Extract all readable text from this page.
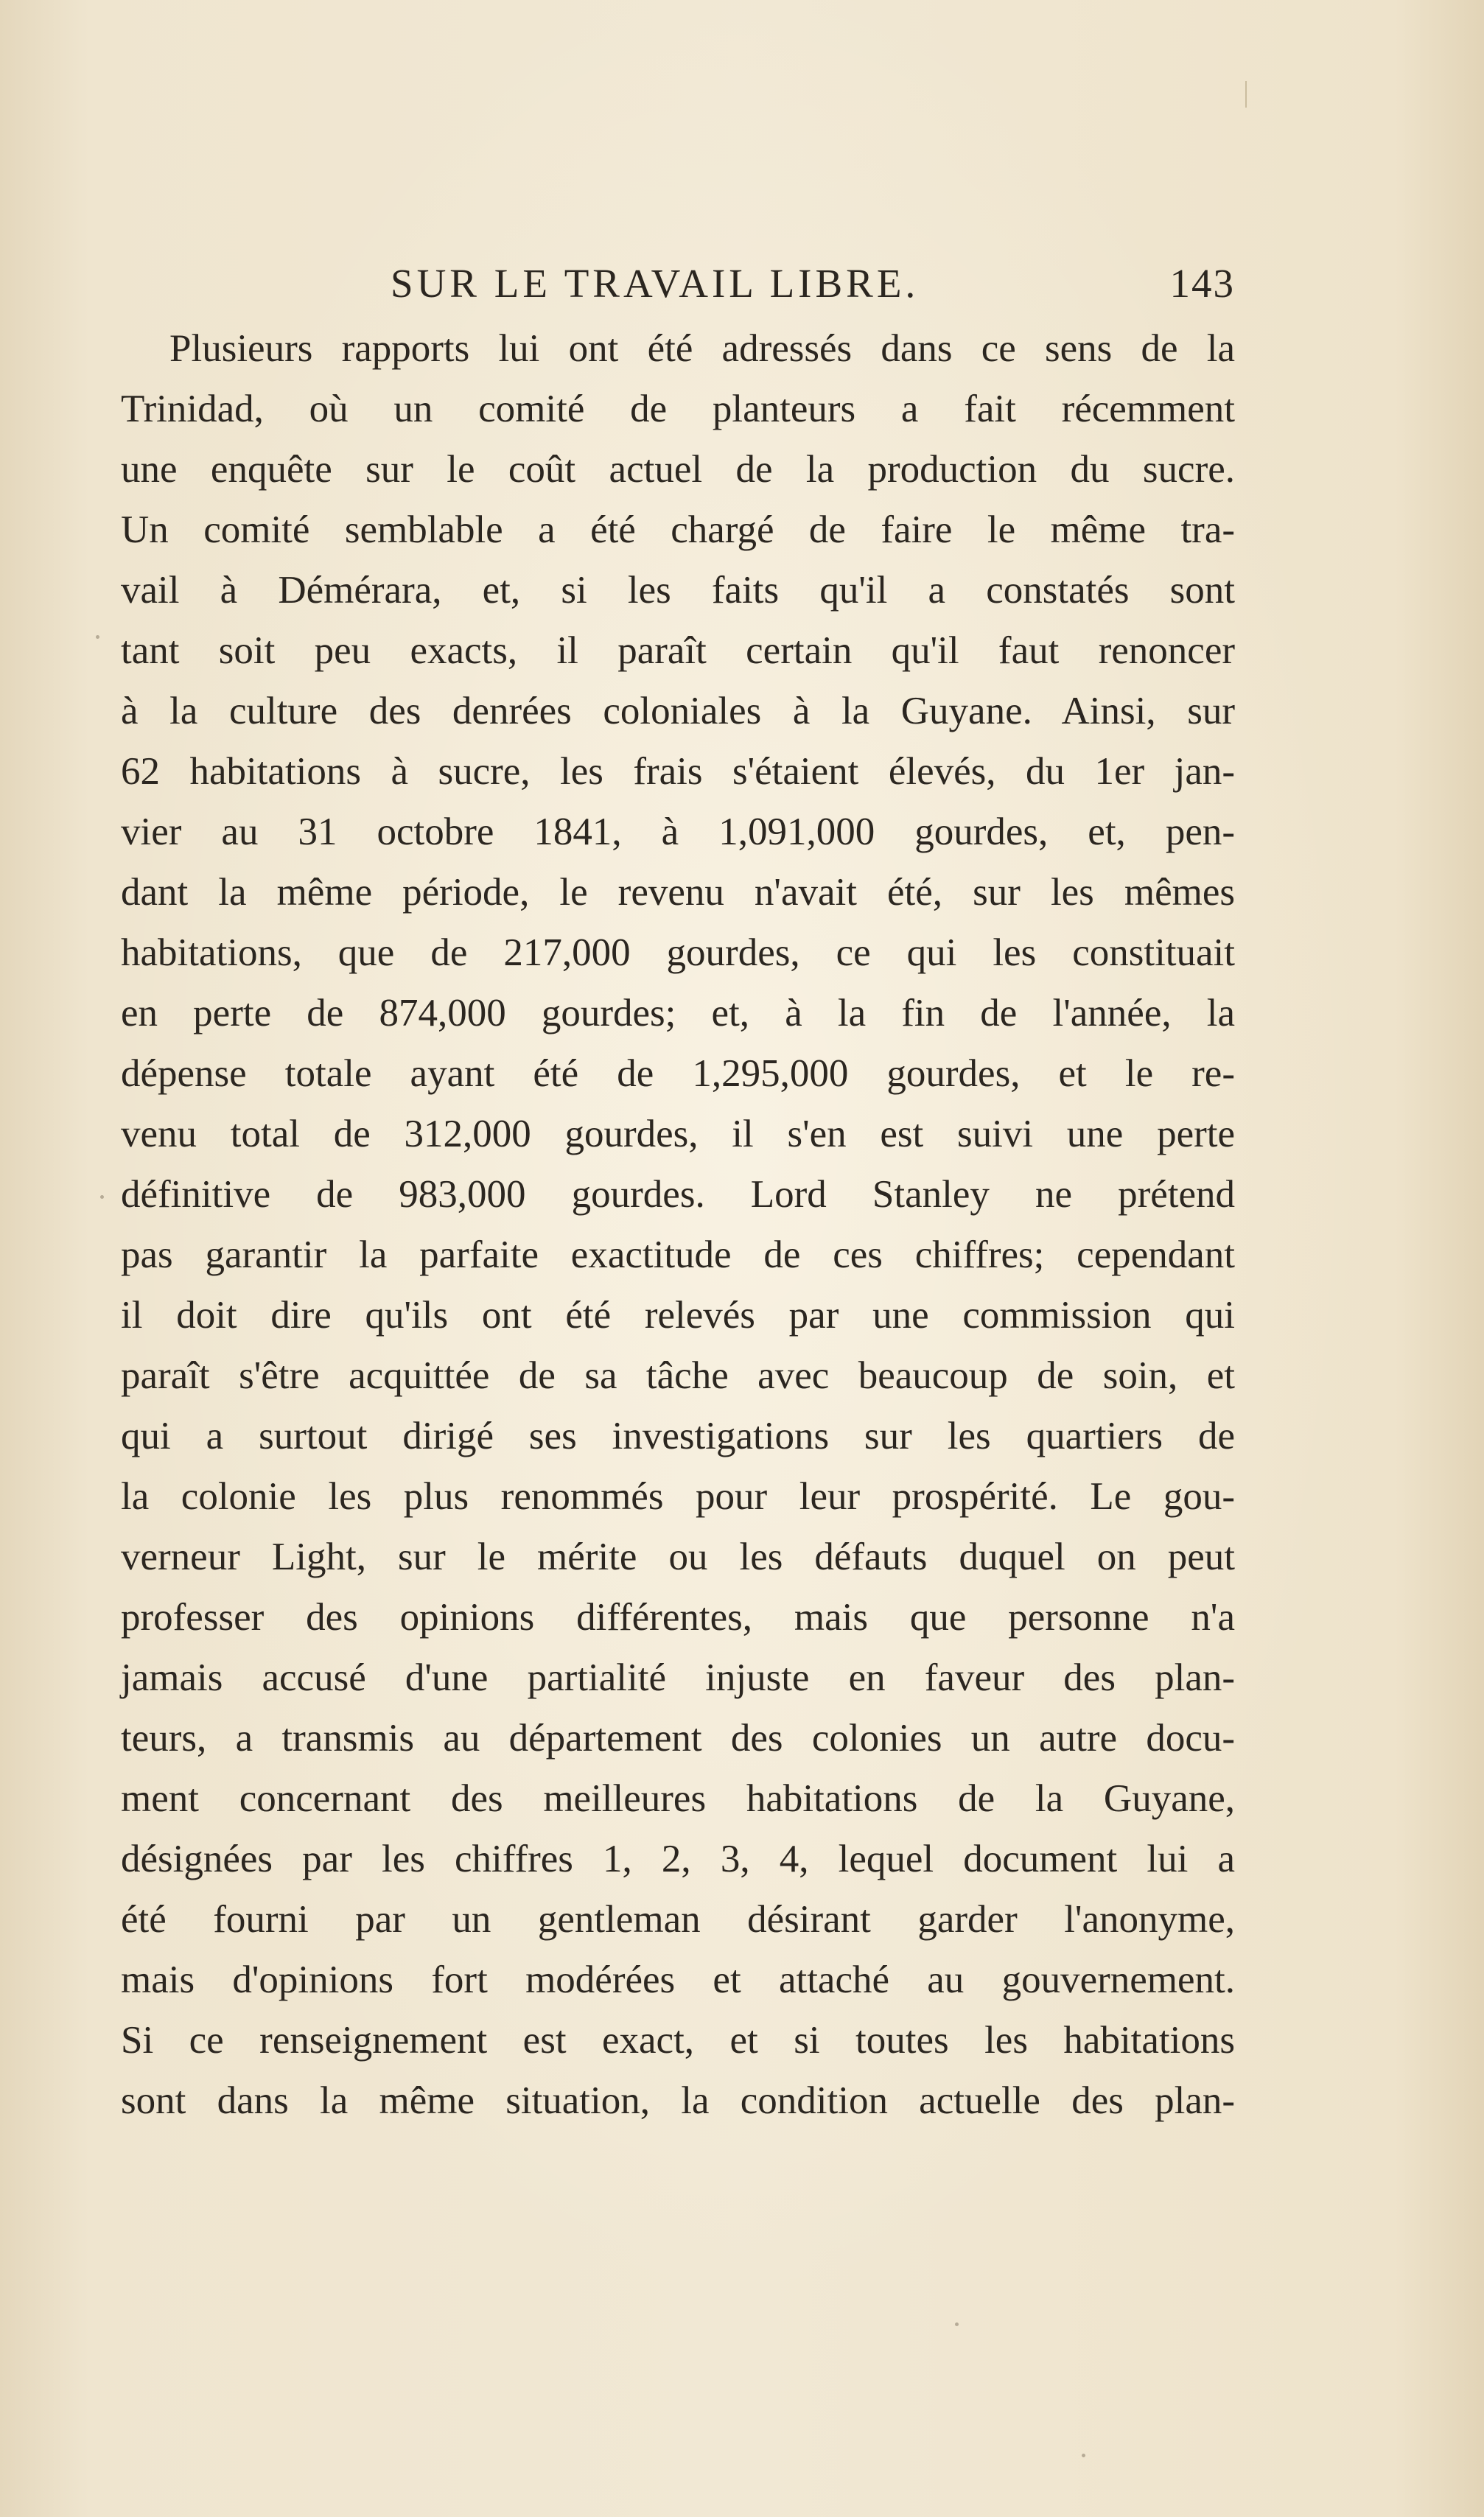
SUR LE TRAVAIL LIBRE.	143
Plusieurs rapports lui ont été adressés dans ce sens de la
Trinidad, où un comité de planteurs a fait récemment
une enquête sur le coût actuel de la production du sucre.
Un comité semblable a été chargé de faire le même tra-
vail à Démérara, et, si les faits qu'il a constatés sont
tant soit peu exacts, il paraît certain qu'il faut renoncer
à la culture des denrées coloniales à la Guyane. Ainsi, sur
62 habitations à sucre, les frais s'étaient élevés, du 1er jan-
vier au 31 octobre 1841, à 1,091,000 gourdes, et, pen-
dant la même période, le revenu n'avait été, sur les mêmes
habitations, que de 217,000 gourdes, ce qui les constituait
en perte de 874,000 gourdes; et, à la fin de l'année, la
dépense totale ayant été de 1,295,000 gourdes, et le re-
venu total de 312,000 gourdes, il s'en est suivi une perte
définitive de 983,000 gourdes. Lord Stanley ne prétend
pas garantir la parfaite exactitude de ces chiffres; cependant
il doit dire qu'ils ont été relevés par une commission qui
paraît s'être acquittée de sa tâche avec beaucoup de soin, et
qui a surtout dirigé ses investigations sur les quartiers de
la colonie les plus renommés pour leur prospérité. Le gou-
verneur Light, sur le mérite ou les défauts duquel on peut
professer des opinions différentes, mais que personne n'a
jamais accusé d'une partialité injuste en faveur des plan-
teurs, a transmis au département des colonies un autre docu-
ment concernant des meilleures habitations de la Guyane,
désignées par les chiffres 1, 2, 3, 4, lequel document lui a
été fourni par un gentleman désirant garder l'anonyme,
mais d'opinions fort modérées et attaché au gouvernement.
Si ce renseignement est exact, et si toutes les habitations
sont dans la même situation, la condition actuelle des plan-
